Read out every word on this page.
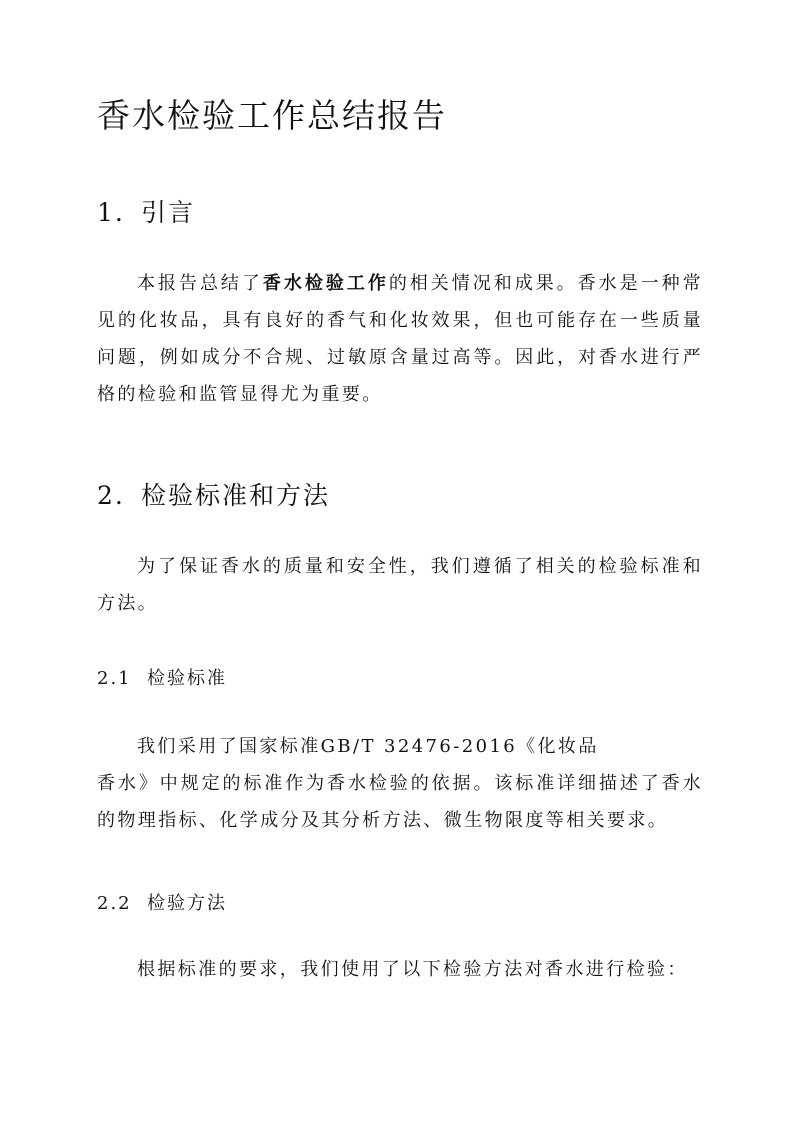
香水检验工作总结报告
1. 引言

本报告总结了香水检验工作的相关情况和成果。香水是一种常见的化妆品，具有良好的香气和化妆效果，但也可能存在一些质量问题，例如成分不合规、过敏原含量过高等。因此，对香水进行严格的检验和监管显得尤为重要。

2. 检验标准和方法

为了保证香水的质量和安全性，我们遵循了相关的检验标准和方法。

2.1 检验标准

我们采用了国家标准GB/T 32476-2016《化妆品

香水》中规定的标准作为香水检验的依据。该标准详细描述了香水的物理指标、化学成分及其分析方法、微生物限度等相关要求。

2.2 检验方法

根据标准的要求，我们使用了以下检验方法对香水进行检验：
